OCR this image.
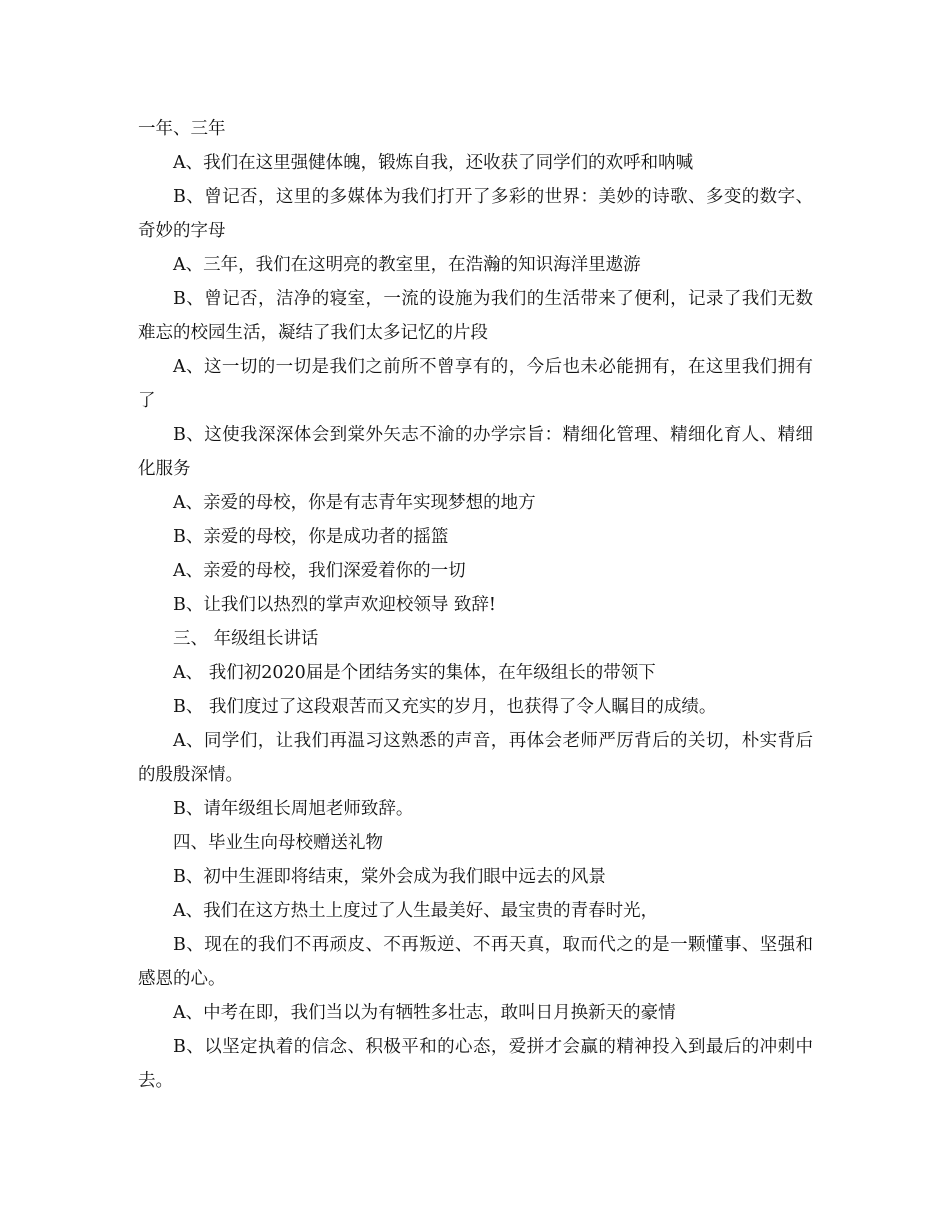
一年、三年

A、我们在这里强健体魄，锻炼自我，还收获了同学们的欢呼和呐喊

B、曾记否，这里的多媒体为我们打开了多彩的世界：美妙的诗歌、多变的数字、奇妙的字母

A、三年，我们在这明亮的教室里，在浩瀚的知识海洋里遨游

B、曾记否，洁净的寝室，一流的设施为我们的生活带来了便利，记录了我们无数难忘的校园生活，凝结了我们太多记忆的片段

A、这一切的一切是我们之前所不曾享有的，今后也未必能拥有，在这里我们拥有了

B、这使我深深体会到棠外矢志不渝的办学宗旨：精细化管理、精细化育人、精细化服务

A、亲爱的母校，你是有志青年实现梦想的地方

B、亲爱的母校，你是成功者的摇篮

A、亲爱的母校，我们深爱着你的一切

B、让我们以热烈的掌声欢迎校领导 致辞!

三、 年级组长讲话

A、 我们初2020届是个团结务实的集体，在年级组长的带领下

B、 我们度过了这段艰苦而又充实的岁月，也获得了令人瞩目的成绩。

A、同学们，让我们再温习这熟悉的声音，再体会老师严厉背后的关切，朴实背后的殷殷深情。

B、请年级组长周旭老师致辞。

四、毕业生向母校赠送礼物

B、初中生涯即将结束，棠外会成为我们眼中远去的风景

A、我们在这方热土上度过了人生最美好、最宝贵的青春时光，

B、现在的我们不再顽皮、不再叛逆、不再天真，取而代之的是一颗懂事、坚强和感恩的心。

A、中考在即，我们当以为有牺牲多壮志，敢叫日月换新天的豪情

B、以坚定执着的信念、积极平和的心态，爱拼才会赢的精神投入到最后的冲刺中去。
